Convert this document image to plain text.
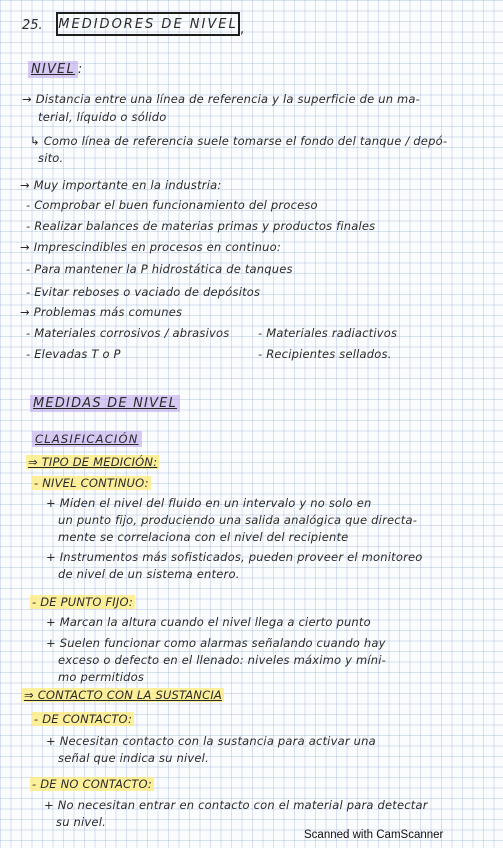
25. MEDIDORES DE NIVEL ,
NIVEL :
→ Distancia entre una línea de referencia y la superficie de un ma-
terial, líquido o sólido
↳ Como línea de referencia suele tomarse el fondo del tanque / depó-
sito.
→ Muy importante en la industria:
- Comprobar el buen funcionamiento del proceso
- Realizar balances de materias primas y productos finales
→ Imprescindibles en procesos en continuo:
- Para mantener la P hidrostática de tanques
- Evitar reboses o vaciado de depósitos
→ Problemas más comunes
- Materiales corrosivos / abrasivos - Materiales radiactivos
- Elevadas T o P	- Recipientes sellados.
MEDIDAS DE NIVEL
CLASIFICACIÓN
⇒ TIPO DE MEDICIÓN:
- NIVEL CONTINUO:
+ Miden el nivel del fluido en un intervalo y no solo en
un punto fijo, produciendo una salida analógica que directa-
mente se correlaciona con el nivel del recipiente
+ Instrumentos más sofisticados, pueden proveer el monitoreo
de nivel de un sistema entero.
- DE PUNTO FIJO:
+ Marcan la altura cuando el nivel llega a cierto punto
+ Suelen funcionar como alarmas señalando cuando hay
exceso o defecto en el llenado: niveles máximo y míni-
mo permitidos
⇒ CONTACTO CON LA SUSTANCIA
- DE CONTACTO:
+ Necesitan contacto con la sustancia para activar una
señal que indica su nivel.
- DE NO CONTACTO:
+ No necesitan entrar en contacto con el material para detectar
su nivel.
Scanned with CamScanner
